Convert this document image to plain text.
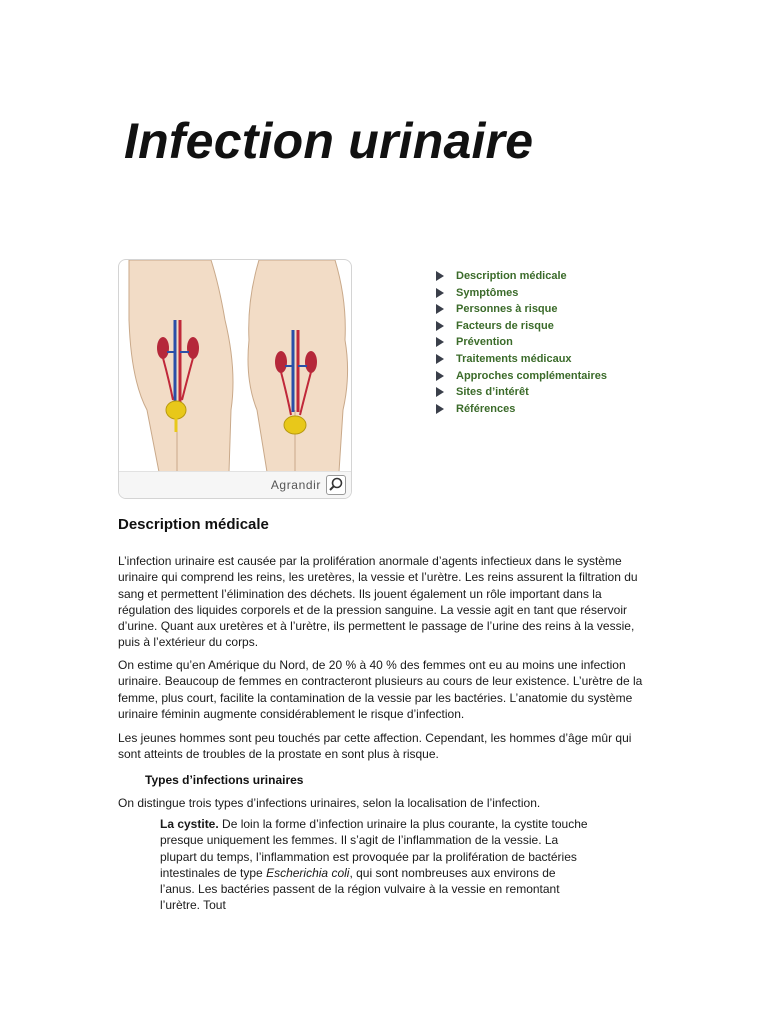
Infection urinaire
Agrandir
Description médicale
Symptômes
Personnes à risque
Facteurs de risque
Prévention
Traitements médicaux
Approches complémentaires
Sites d’intérêt
Références
Description médicale

L’infection urinaire est causée par la prolifération anormale d’agents infectieux dans le système urinaire qui comprend les reins, les uretères, la vessie et l’urètre. Les reins assurent la filtration du sang et permettent l’élimination des déchets. Ils jouent également un rôle important dans la régulation des liquides corporels et de la pression sanguine. La vessie agit en tant que réservoir d’urine. Quant aux uretères et à l’urètre, ils permettent le passage de l’urine des reins à la vessie, puis à l’extérieur du corps.

On estime qu’en Amérique du Nord, de 20 % à 40 % des femmes ont eu au moins une infection urinaire. Beaucoup de femmes en contracteront plusieurs au cours de leur existence. L’urètre de la femme, plus court, facilite la contamination de la vessie par les bactéries. L’anatomie du système urinaire féminin augmente considérablement le risque d’infection.

Les jeunes hommes sont peu touchés par cette affection. Cependant, les hommes d’âge mûr qui sont atteints de troubles de la prostate en sont plus à risque.

Types d’infections urinaires

On distingue trois types d’infections urinaires, selon la localisation de l’infection.

La cystite. De loin la forme d’infection urinaire la plus courante, la cystite touche presque uniquement les femmes. Il s’agit de l’inflammation de la vessie. La plupart du temps, l’inflammation est provoquée par la prolifération de bactéries intestinales de type Escherichia coli, qui sont nombreuses aux environs de l’anus. Les bactéries passent de la région vulvaire à la vessie en remontant l’urètre. Tout
